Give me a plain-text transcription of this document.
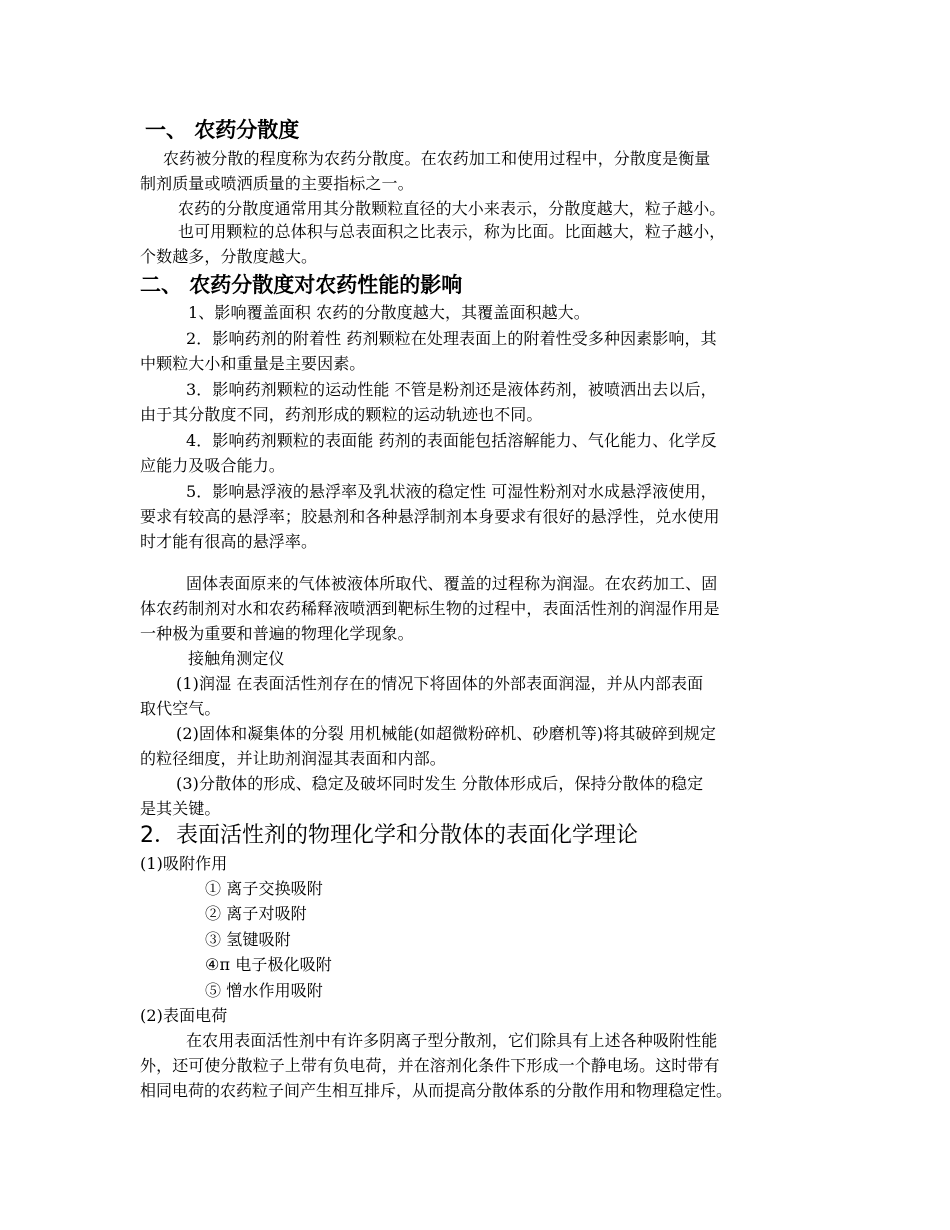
一、 农药分散度

农药被分散的程度称为农药分散度。在农药加工和使用过程中，分散度是衡量

制剂质量或喷洒质量的主要指标之一。

农药的分散度通常用其分散颗粒直径的大小来表示，分散度越大，粒子越小。

也可用颗粒的总体积与总表面积之比表示，称为比面。比面越大，粒子越小，

个数越多，分散度越大。

二、 农药分散度对农药性能的影响

1、影响覆盖面积 农药的分散度越大，其覆盖面积越大。

2．影响药剂的附着性 药剂颗粒在处理表面上的附着性受多种因素影响，其

中颗粒大小和重量是主要因素。

3．影响药剂颗粒的运动性能 不管是粉剂还是液体药剂，被喷洒出去以后，

由于其分散度不同，药剂形成的颗粒的运动轨迹也不同。

4．影响药剂颗粒的表面能 药剂的表面能包括溶解能力、气化能力、化学反

应能力及吸合能力。

5．影响悬浮液的悬浮率及乳状液的稳定性 可湿性粉剂对水成悬浮液使用，

要求有较高的悬浮率；胶悬剂和各种悬浮制剂本身要求有很好的悬浮性，兑水使用

时才能有很高的悬浮率。

固体表面原来的气体被液体所取代、覆盖的过程称为润湿。在农药加工、固

体农药制剂对水和农药稀释液喷洒到靶标生物的过程中，表面活性剂的润湿作用是

一种极为重要和普遍的物理化学现象。

接触角测定仪

(1)润湿 在表面活性剂存在的情况下将固体的外部表面润湿，并从内部表面

取代空气。

(2)固体和凝集体的分裂 用机械能(如超微粉碎机、砂磨机等)将其破碎到规定

的粒径细度，并让助剂润湿其表面和内部。

(3)分散体的形成、稳定及破坏同时发生 分散体形成后，保持分散体的稳定

是其关键。

2．表面活性剂的物理化学和分散体的表面化学理论

(1)吸附作用

① 离子交换吸附

② 离子对吸附

③ 氢键吸附

④π 电子极化吸附

⑤ 憎水作用吸附

(2)表面电荷

在农用表面活性剂中有许多阴离子型分散剂，它们除具有上述各种吸附性能

外，还可使分散粒子上带有负电荷，并在溶剂化条件下形成一个静电场。这时带有

相同电荷的农药粒子间产生相互排斥，从而提高分散体系的分散作用和物理稳定性。
